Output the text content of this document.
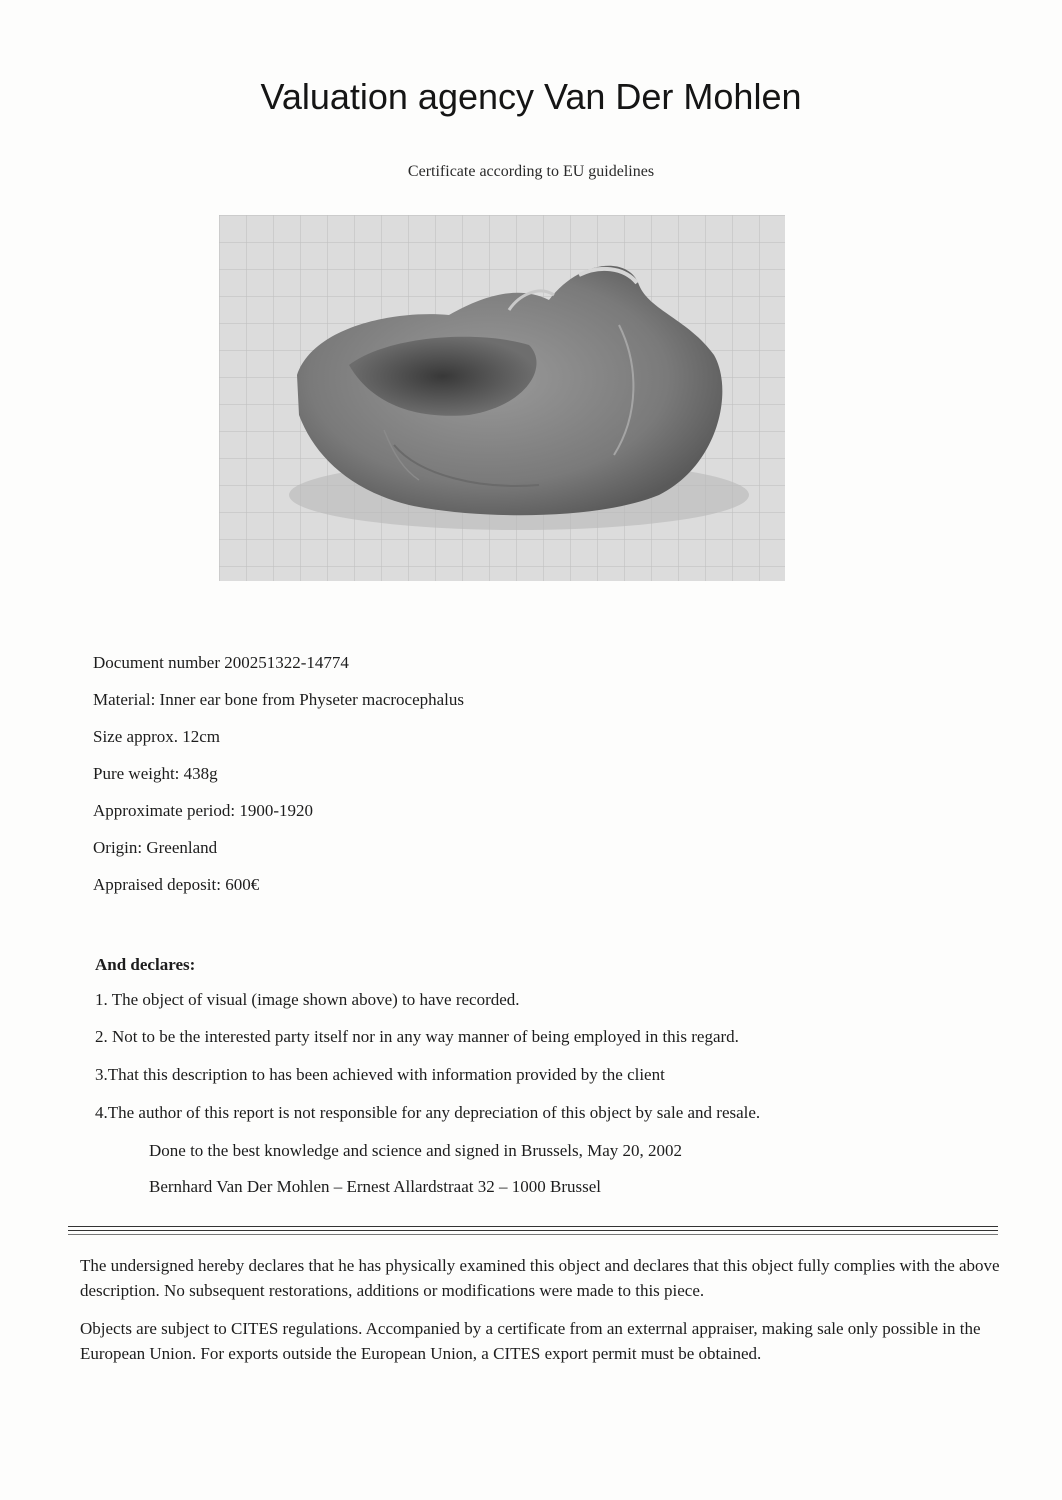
Valuation agency Van Der Mohlen
Certificate according to EU guidelines
Document number 200251322-14774
Material: Inner ear bone from Physeter macrocephalus
Size approx. 12cm
Pure weight: 438g
Approximate period: 1900-1920
Origin: Greenland
Appraised deposit: 600€
And declares:
1. The object of visual (image shown above) to have recorded.
2. Not to be the interested party itself nor in any way manner of being employed in this regard.
3.That this description to has been achieved with information provided by the client
4.The author of this report is not responsible for any depreciation of this object by sale and resale.
Done to the best knowledge and science and signed in Brussels, May 20, 2002
Bernhard Van Der Mohlen – Ernest Allardstraat 32 – 1000 Brussel
The undersigned hereby declares that he has physically examined this object and declares that this object fully complies with the above description. No subsequent restorations, additions or modifications were made to this piece.
Objects are subject to CITES regulations. Accompanied by a certificate from an exterrnal appraiser, making sale only possible in the European Union. For exports outside the European Union, a CITES export permit must be obtained.
